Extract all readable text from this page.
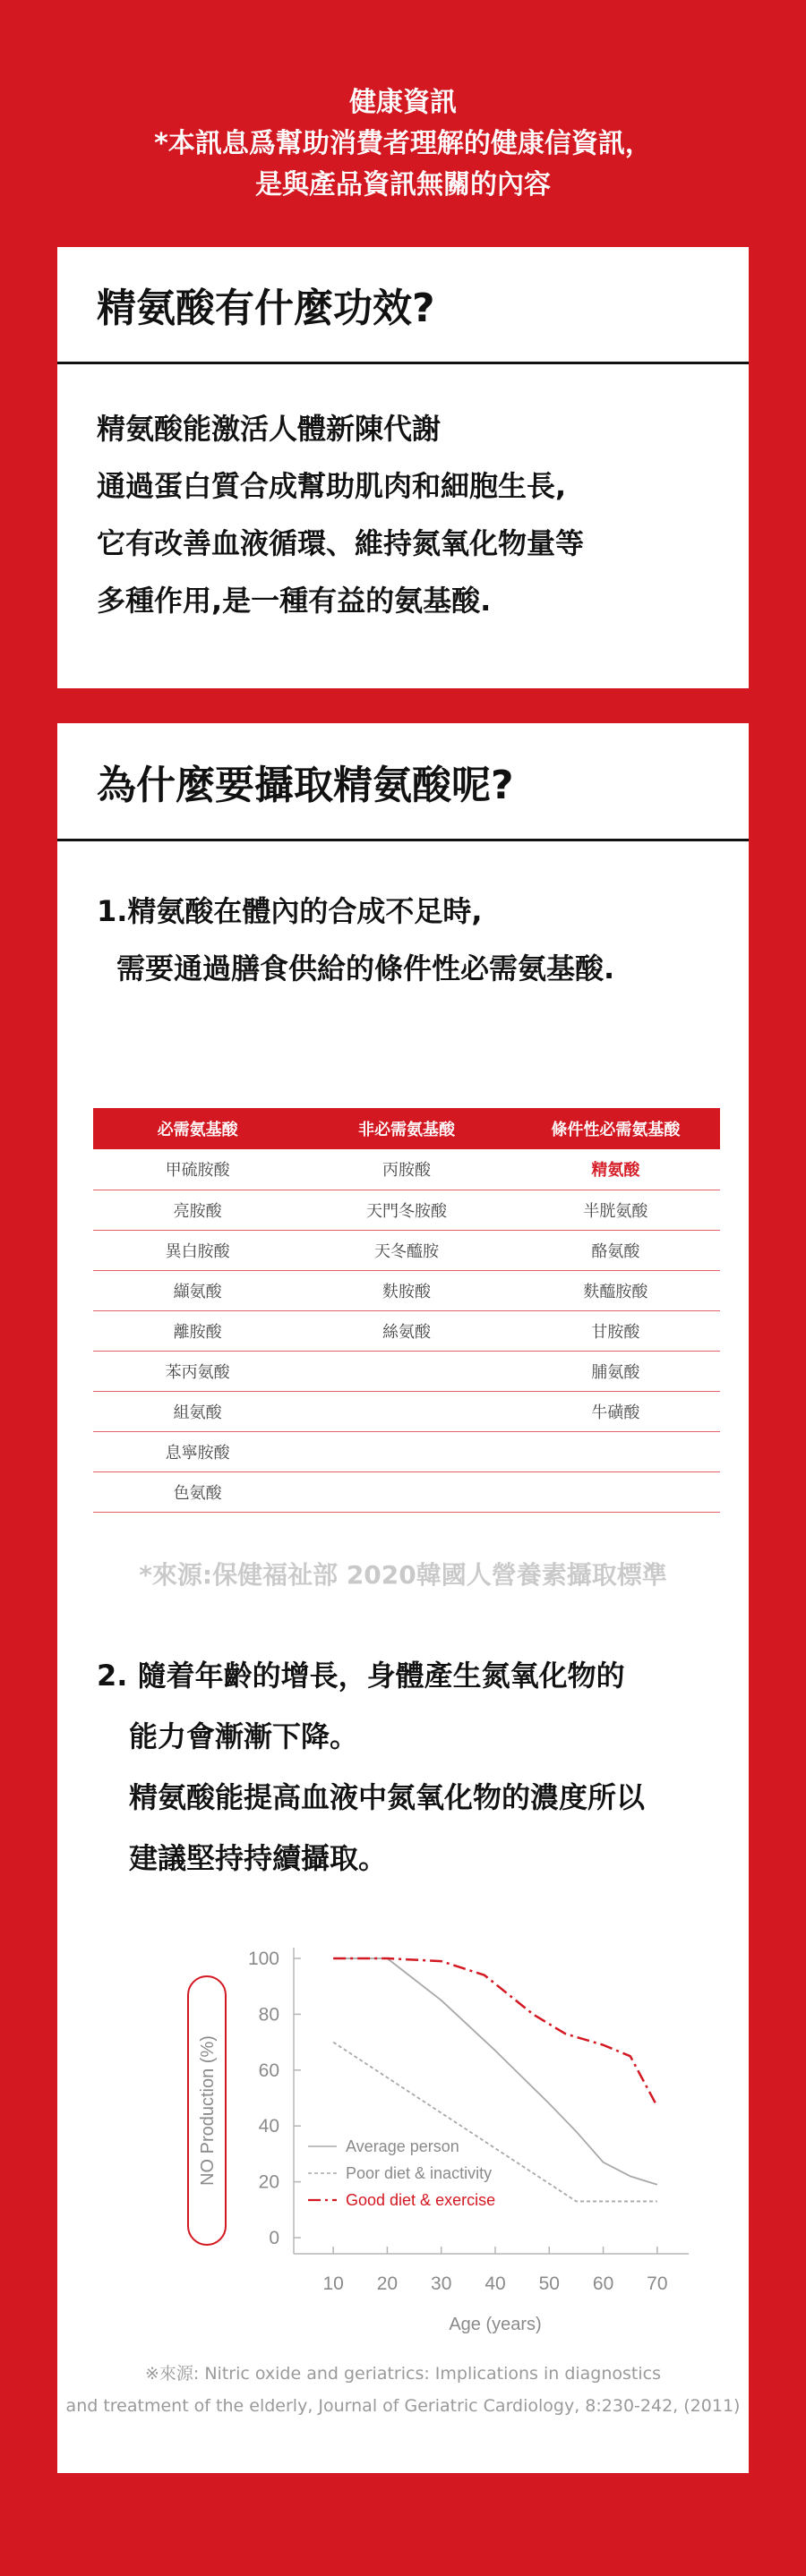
健康資訊
*本訊息爲幫助消費者理解的健康信資訊，
是與產品資訊無關的內容
精氨酸有什麼功效?
精氨酸能激活人體新陳代謝
通過蛋白質合成幫助肌肉和細胞生長,
它有改善血液循環、維持氮氧化物量等
多種作用,是一種有益的氨基酸.
為什麼要攝取精氨酸呢?
1.精氨酸在體內的合成不足時,
需要通過膳食供給的條件性必需氨基酸.
必需氨基酸	非必需氨基酸	條件性必需氨基酸
甲硫胺酸	丙胺酸	精氨酸
亮胺酸	天門冬胺酸	半胱氨酸
異白胺酸	天冬醯胺	酪氨酸
纈氨酸	麩胺酸	麩醯胺酸
離胺酸	絲氨酸	甘胺酸
苯丙氨酸		脯氨酸
組氨酸		牛磺酸
息寧胺酸		
色氨酸		
*來源:保健福祉部 2020韓國人營養素攝取標準
2. 隨着年齡的增長，身體產生氮氧化物的
能力會漸漸下降。
精氨酸能提高血液中氮氧化物的濃度所以
建議堅持持續攝取。
0
20
40
60
80
100
10 20 30 40 50 60 70
Age (years)
NO Production (%)	Average person
Poor diet & inactivity
Good diet & exercise
※來源: Nitric oxide and geriatrics: Implications in diagnostics
and treatment of the elderly, Journal of Geriatric Cardiology, 8:230-242, (2011)
